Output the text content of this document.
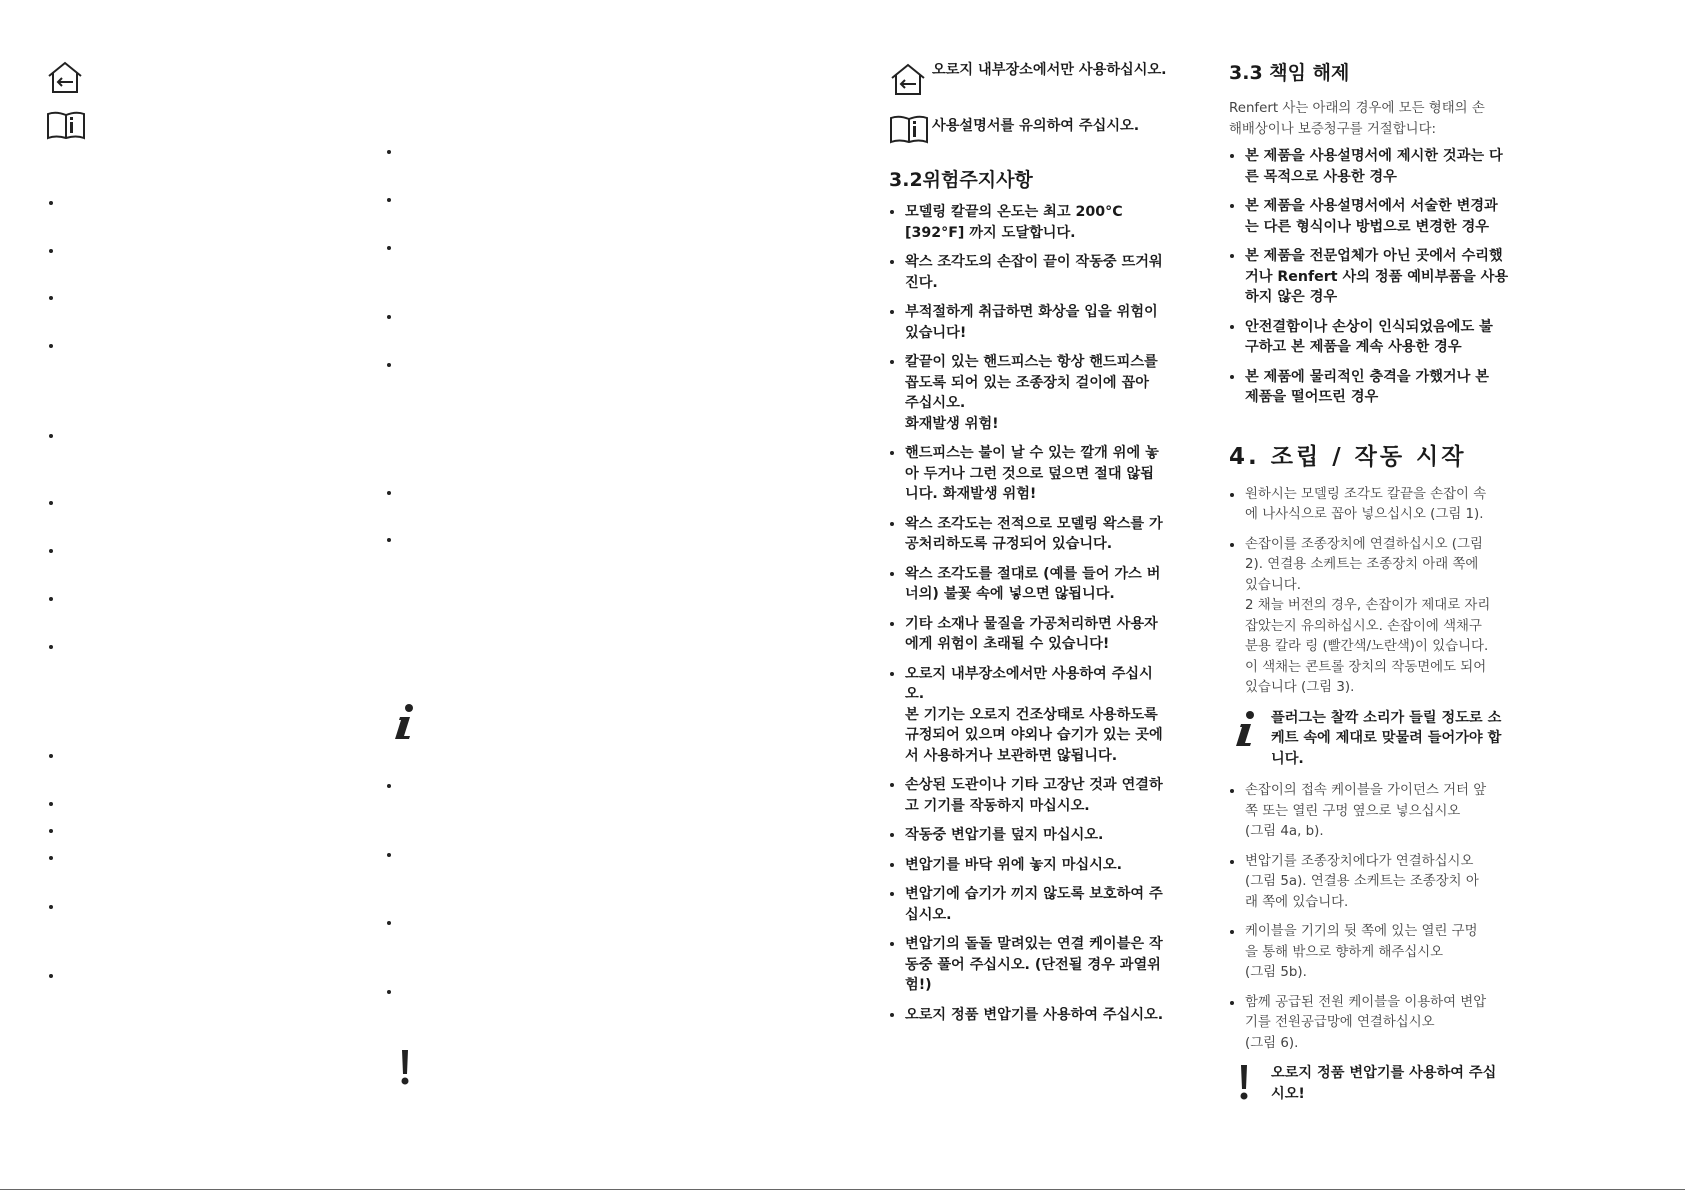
오로지 내부장소에서만 사용하십시오.
사용설명서를 유의하여 주십시오.
3.2위험주지사항
모델링 칼끝의 온도는 최고 200°C
[392°F] 까지 도달합니다.
왁스 조각도의 손잡이 끝이 작동중 뜨거워
진다.
부적절하게 취급하면 화상을 입을 위험이
있습니다!
칼끝이 있는 핸드피스는 항상 핸드피스를
꼽도록 되어 있는 조종장치 걸이에 꼽아
주십시오.
화재발생 위험!
핸드피스는 불이 날 수 있는 깔개 위에 놓
아 두거나 그런 것으로 덮으면 절대 않됩
니다. 화재발생 위험!
왁스 조각도는 전적으로 모델링 왁스를 가
공처리하도록 규정되어 있습니다.
왁스 조각도를 절대로 (예를 들어 가스 버
너의) 불꽃 속에 넣으면 않됩니다.
기타 소재나 물질을 가공처리하면 사용자
에게 위험이 초래될 수 있습니다!
오로지 내부장소에서만 사용하여 주십시
오.
본 기기는 오로지 건조상태로 사용하도록
규정되어 있으며 야외나 습기가 있는 곳에
서 사용하거나 보관하면 않됩니다.
손상된 도관이나 기타 고장난 것과 연결하
고 기기를 작동하지 마십시오.
작동중 변압기를 덮지 마십시오.
변압기를 바닥 위에 놓지 마십시오.
변압기에 습기가 끼지 않도록 보호하여 주
십시오.
변압기의 돌돌 말려있는 연결 케이블은 작
동중 풀어 주십시오. (단전될 경우 과열위
험!)
오로지 정품 변압기를 사용하여 주십시오.
3.3 책임 해제
Renfert 사는 아래의 경우에 모든 형태의 손
해배상이나 보증청구를 거절합니다:
본 제품을 사용설명서에 제시한 것과는 다
른 목적으로 사용한 경우
본 제품을 사용설명서에서 서술한 변경과
는 다른 형식이나 방법으로 변경한 경우
본 제품을 전문업체가 아닌 곳에서 수리했
거나 Renfert 사의 정품 예비부품을 사용
하지 않은 경우
안전결함이나 손상이 인식되었음에도 불
구하고 본 제품을 계속 사용한 경우
본 제품에 물리적인 충격을 가했거나 본
제품을 떨어뜨린 경우
4. 조립 / 작동 시작
원하시는 모델링 조각도 칼끝을 손잡이 속
에 나사식으로 꼽아 넣으십시오 (그림 1).
손잡이를 조종장치에 연결하십시오 (그림
2). 연결용 소케트는 조종장치 아래 쪽에
있습니다.
2 채늘 버전의 경우, 손잡이가 제대로 자리
잡았는지 유의하십시오. 손잡이에 색채구
분용 칼라 링 (빨간색/노란색)이 있습니다.
이 색채는 콘트롤 장치의 작동면에도 되어
있습니다 (그림 3).
플러그는 찰깍 소리가 들릴 정도로 소
케트 속에 제대로 맞물려 들어가야 합
니다.
손잡이의 접속 케이블을 가이던스 거터 앞
쪽 또는 열린 구멍 옆으로 넣으십시오
(그림 4a, b).
변압기를 조종장치에다가 연결하십시오
(그림 5a). 연결용 소케트는 조종장치 아
래 쪽에 있습니다.
케이블을 기기의 뒷 쪽에 있는 열린 구멍
을 통해 밖으로 향하게 해주십시오
(그림 5b).
함께 공급된 전원 케이블을 이용하여 변압
기를 전원공급망에 연결하십시오
(그림 6).
오로지 정품 변압기를 사용하여 주십
시오!
